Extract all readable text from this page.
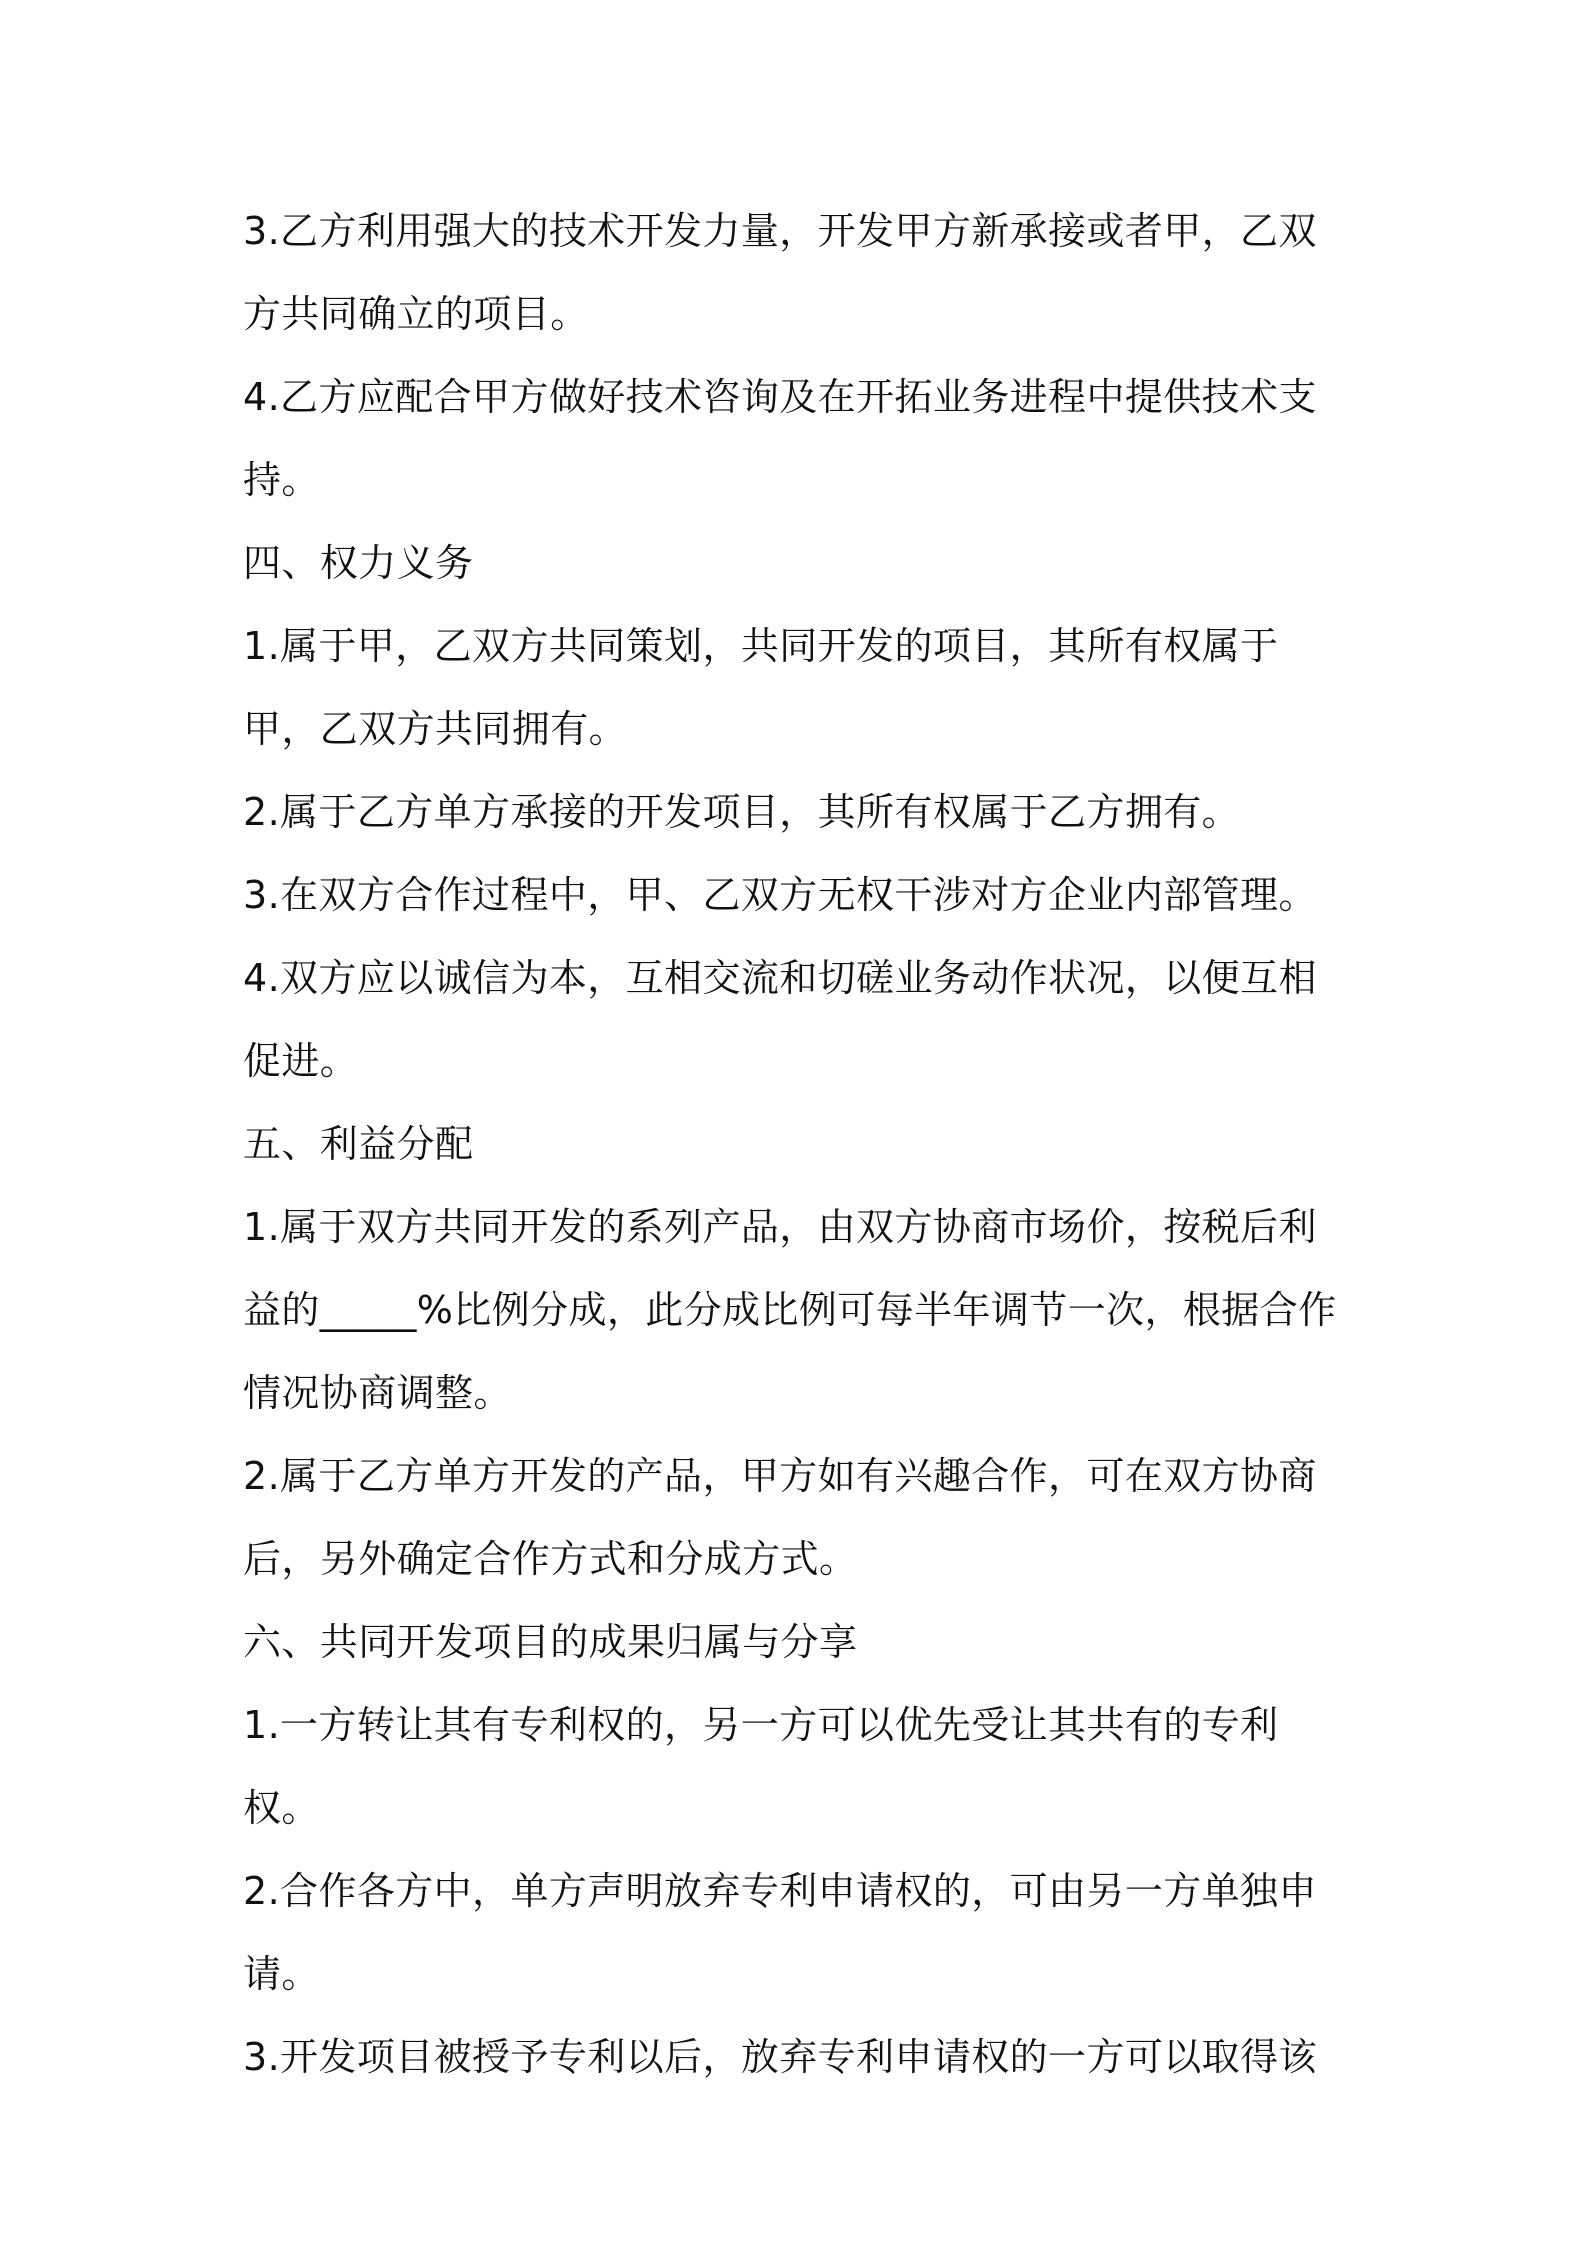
3.乙方利用强大的技术开发力量，开发甲方新承接或者甲，乙双方共同确立的项目。

4.乙方应配合甲方做好技术咨询及在开拓业务进程中提供技术支持。

四、权力义务

1.属于甲，乙双方共同策划，共同开发的项目，其所有权属于甲，乙双方共同拥有。

2.属于乙方单方承接的开发项目，其所有权属于乙方拥有。

3.在双方合作过程中，甲、乙双方无权干涉对方企业内部管理。

4.双方应以诚信为本，互相交流和切磋业务动作状况，以便互相促进。

五、利益分配

1.属于双方共同开发的系列产品，由双方协商市场价，按税后利益的_____%比例分成，此分成比例可每半年调节一次，根据合作情况协商调整。

2.属于乙方单方开发的产品，甲方如有兴趣合作，可在双方协商后，另外确定合作方式和分成方式。

六、共同开发项目的成果归属与分享

1.一方转让其有专利权的，另一方可以优先受让其共有的专利权。

2.合作各方中，单方声明放弃专利申请权的，可由另一方单独申请。

3.开发项目被授予专利以后，放弃专利申请权的一方可以取得该
